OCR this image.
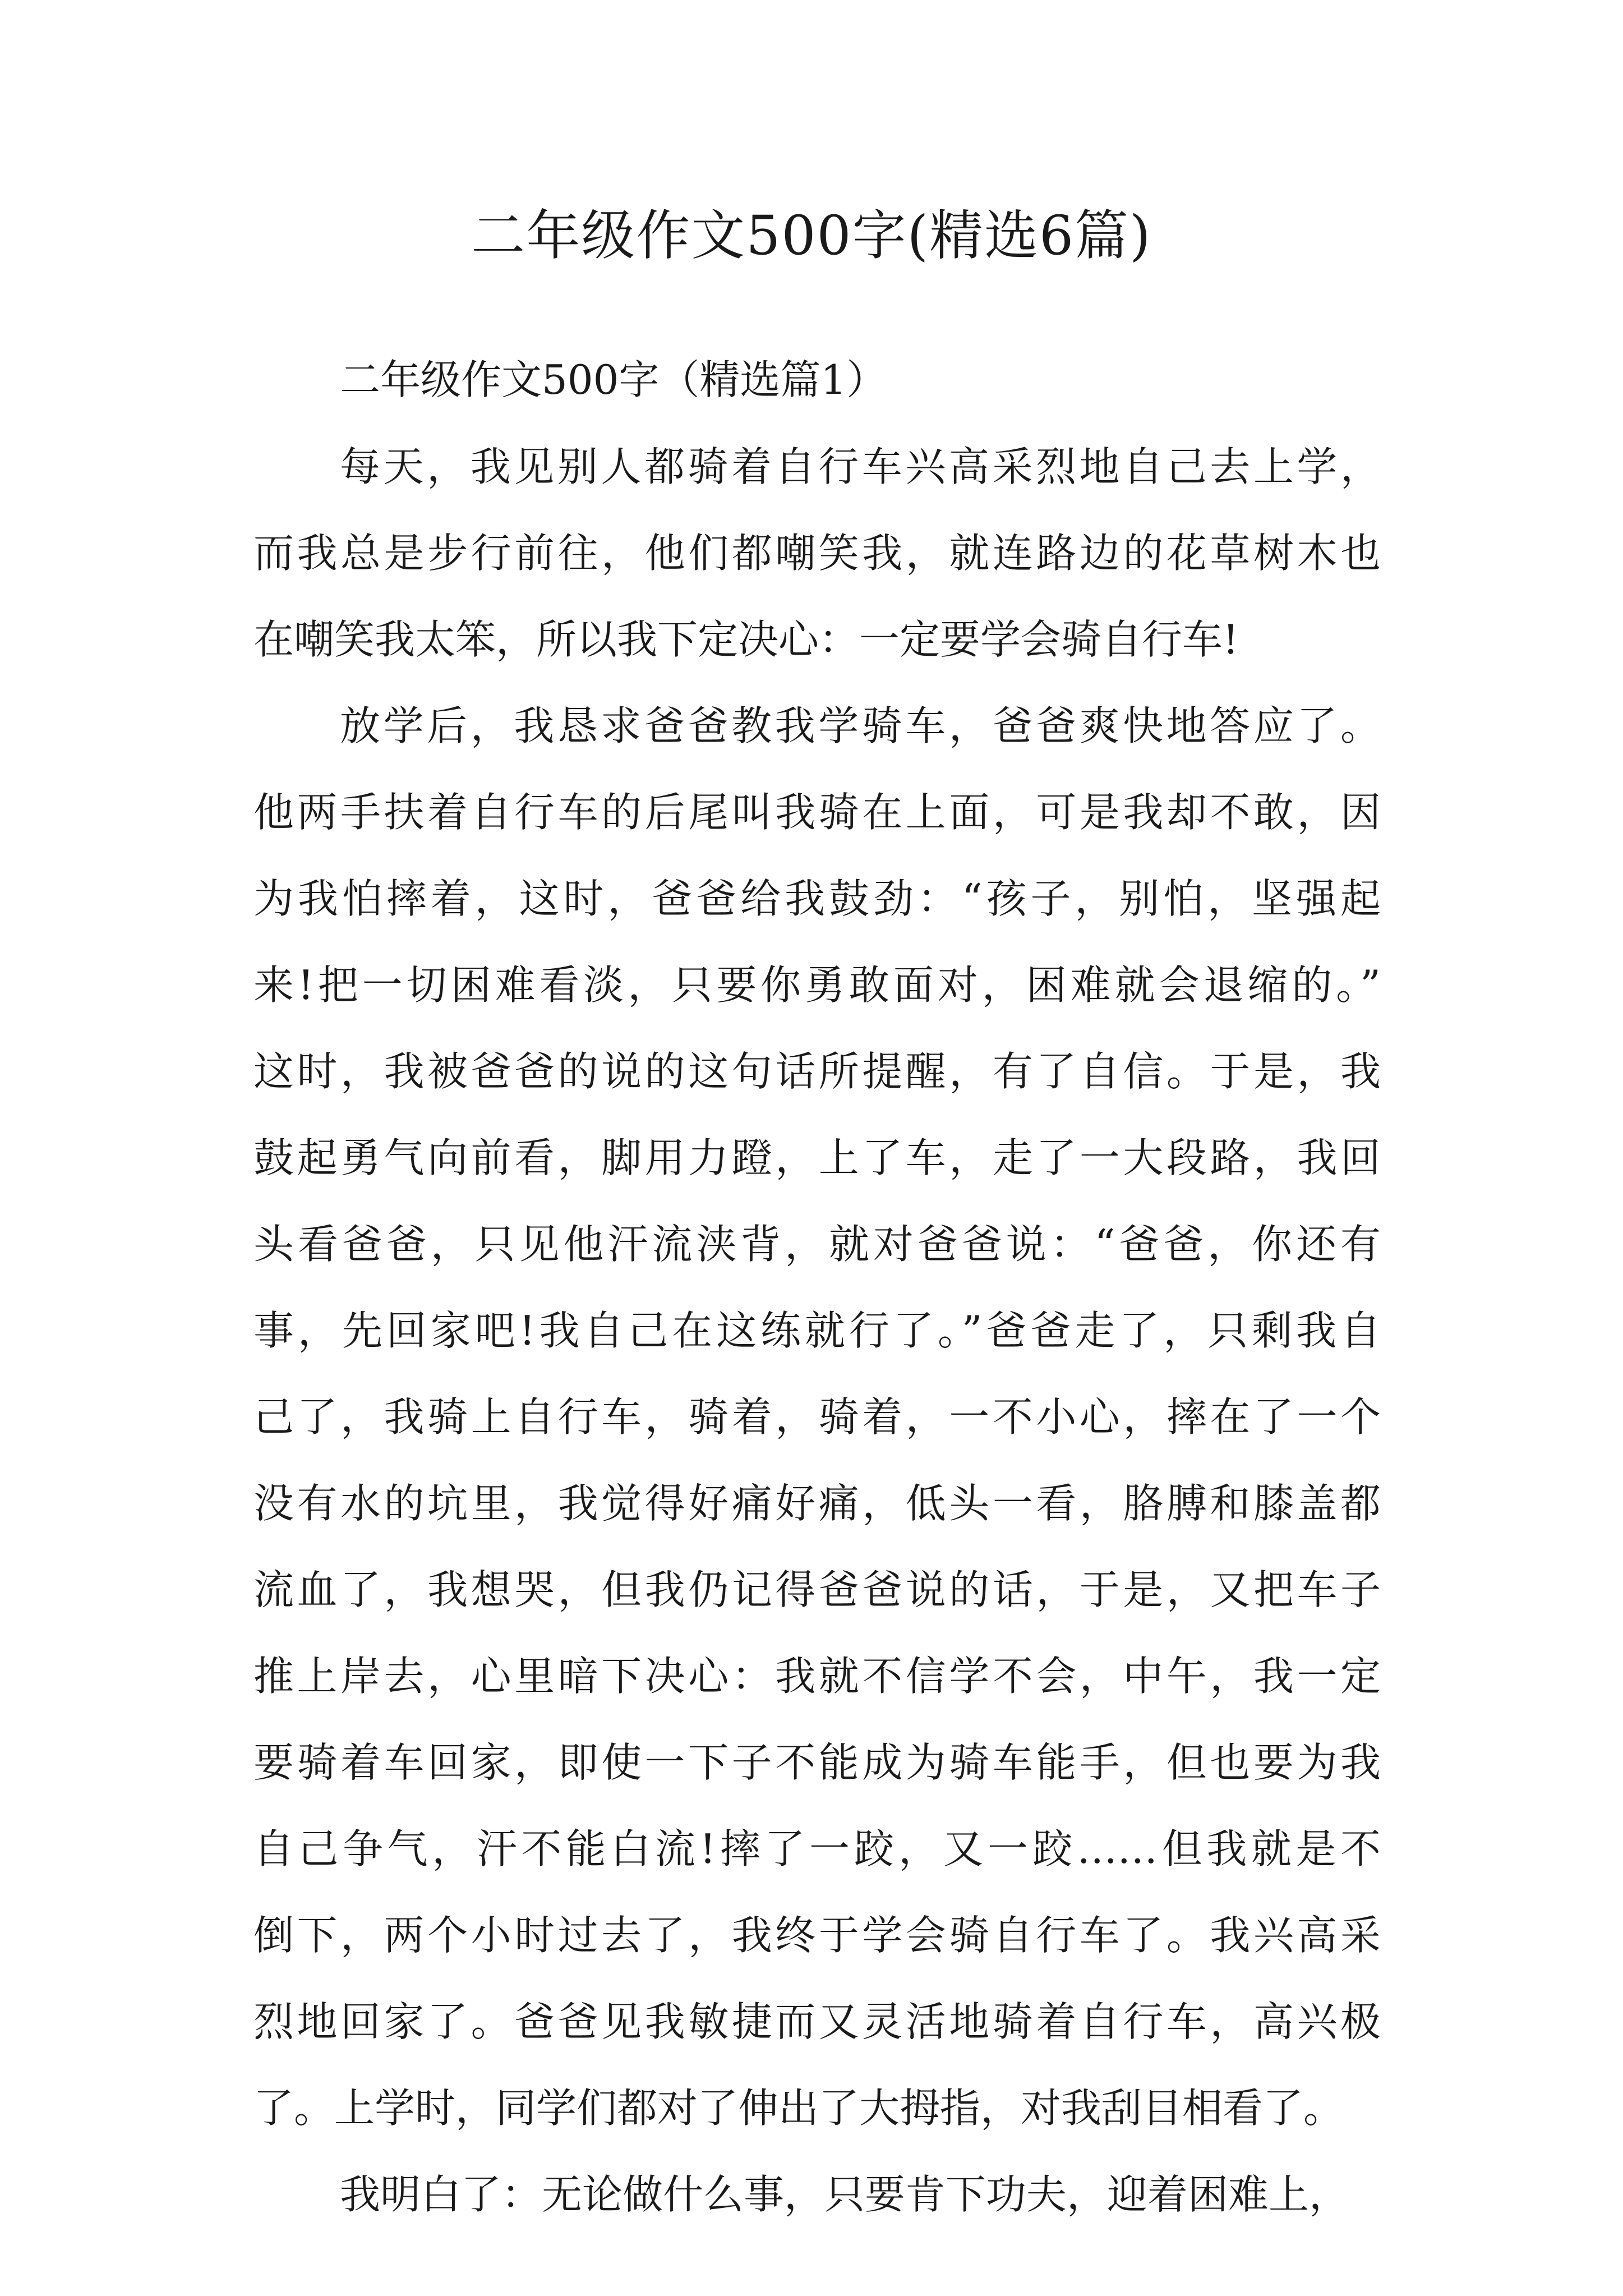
二年级作文500字(精选6篇)
二年级作文500字（精选篇1）

每天，我见别人都骑着自行车兴高采烈地自己去上学，
而我总是步行前往，他们都嘲笑我，就连路边的花草树木也
在嘲笑我太笨，所以我下定决心：一定要学会骑自行车!

放学后，我恳求爸爸教我学骑车，爸爸爽快地答应了。
他两手扶着自行车的后尾叫我骑在上面，可是我却不敢，因
为我怕摔着，这时，爸爸给我鼓劲：“孩子，别怕，坚强起
来!把一切困难看淡，只要你勇敢面对，困难就会退缩的。”
这时，我被爸爸的说的这句话所提醒，有了自信。于是，我
鼓起勇气向前看，脚用力蹬，上了车，走了一大段路，我回
头看爸爸，只见他汗流浃背，就对爸爸说：“爸爸，你还有
事，先回家吧!我自己在这练就行了。”爸爸走了，只剩我自
己了，我骑上自行车，骑着，骑着，一不小心，摔在了一个
没有水的坑里，我觉得好痛好痛，低头一看，胳膊和膝盖都
流血了，我想哭，但我仍记得爸爸说的话，于是，又把车子
推上岸去，心里暗下决心：我就不信学不会，中午，我一定
要骑着车回家，即使一下子不能成为骑车能手，但也要为我
自己争气，汗不能白流!摔了一跤，又一跤……但我就是不
倒下，两个小时过去了，我终于学会骑自行车了。我兴高采
烈地回家了。爸爸见我敏捷而又灵活地骑着自行车，高兴极
了。上学时，同学们都对了伸出了大拇指，对我刮目相看了。

我明白了：无论做什么事，只要肯下功夫，迎着困难上，
